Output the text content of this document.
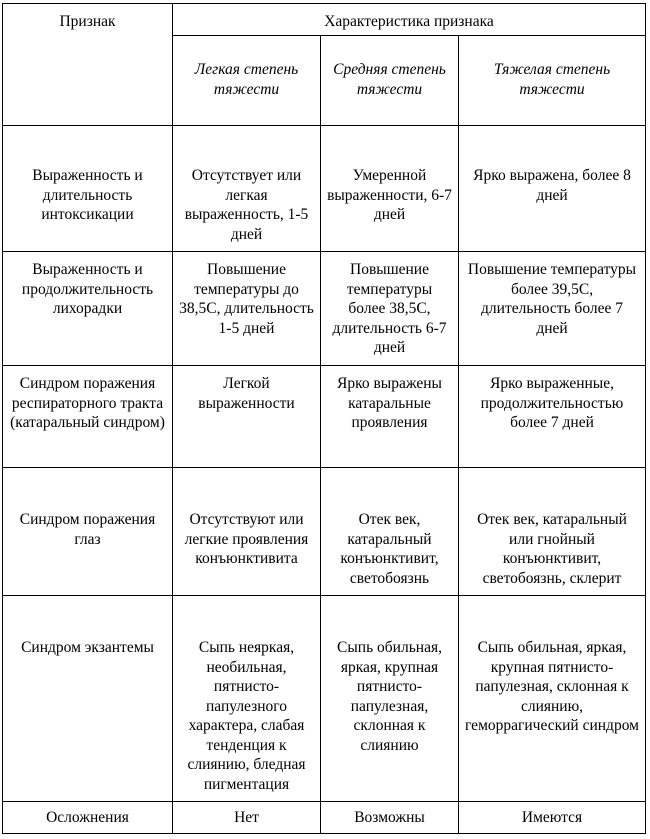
Признак	Характеристика признака		
	Легкая степень тяжести	Средняя степень тяжести	Тяжелая степень тяжести
Выраженность и длительность интоксикации	Отсутствует или легкая выраженность, 1-5 дней	Умеренной выраженности, 6-7 дней	Ярко выражена, более 8 дней
Выраженность и продолжительность лихорадки	Повышение температуры до 38,5С, длительность 1-5 дней	Повышение температуры более 38,5С, длительность 6-7 дней	Повышение температуры более 39,5С, длительность более 7 дней
Синдром поражения респираторного тракта (катаральный синдром)	Легкой выраженности	Ярко выражены катаральные проявления	Ярко выраженные, продолжительностью более 7 дней
Синдром поражения глаз	Отсутствуют или легкие проявления конъюнктивита	Отек век, катаральный конъюнктивит, светобоязнь	Отек век, катаральный или гнойный конъюнктивит, светобоязнь, склерит
Синдром экзантемы	Сыпь неяркая, необильная, пятнисто-папулезного характера, слабая тенденция к слиянию, бледная пигментация	Сыпь обильная, яркая, крупная пятнисто-папулезная, склонная к слиянию	Сыпь обильная, яркая, крупная пятнисто-папулезная, склонная к слиянию, геморрагический синдром
Осложнения	Нет	Возможны	Имеются
